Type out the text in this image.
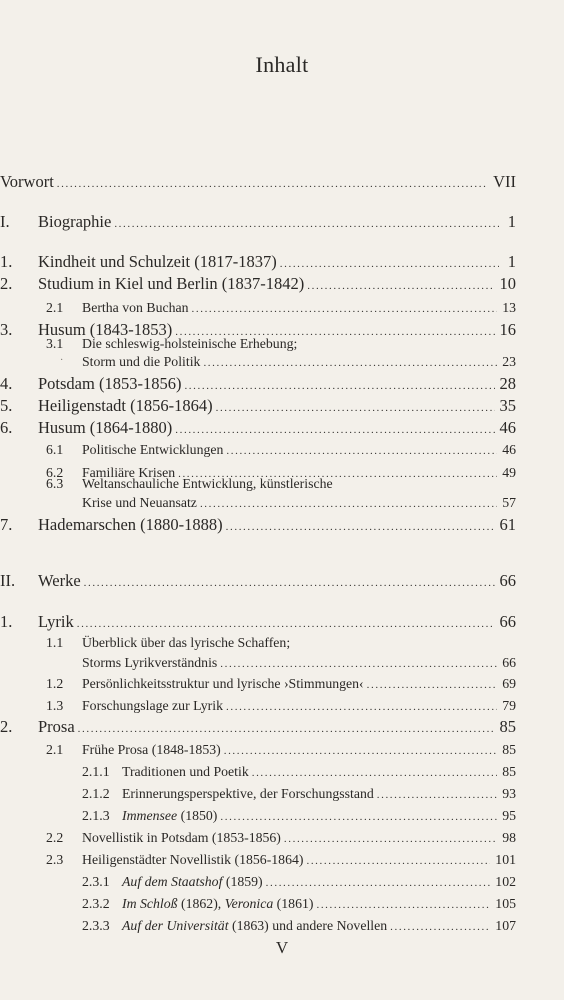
Inhalt
Vorwort .....	VII
I.	Biographie .....	1
1.	Kindheit und Schulzeit (1817-1837) .....	1
2.	Studium in Kiel und Berlin (1837-1842) .....	10
2.1	Bertha von Buchan .....	13
3.	Husum (1843-1853) .....	16
3.1 Die schleswig-holsteinische Erhebung;
· Storm und die Politik .....	23
4.	Potsdam (1853-1856) .....	28
5.	Heiligenstadt (1856-1864) .....	35
6.	Husum (1864-1880) .....	46
6.1	Politische Entwicklungen .....	46
6.2	Familiäre Krisen .....	49
6.3 Weltanschauliche Entwicklung, künstlerische
Krise und Neuansatz .....	57
7.	Hademarschen (1880-1888) .....	61
II.	Werke .....	66
1.	Lyrik .....	66
1.1 Überblick über das lyrische Schaffen;
Storms Lyrikverständnis .....	66
1.2	Persönlichkeitsstruktur und lyrische ›Stimmungen‹ .....	69
1.3	Forschungslage zur Lyrik .....	79
2.	Prosa .....	85
2.1	Frühe Prosa (1848-1853) .....	85
2.1.1 Traditionen und Poetik .....	85
2.1.2 Erinnerungsperspektive, der Forschungsstand .....	93
2.1.3 Immensee (1850) .....	95
2.2	Novellistik in Potsdam (1853-1856) .....	98
2.3	Heiligenstädter Novellistik (1856-1864) .....	101
2.3.1 Auf dem Staatshof (1859) .....	102
2.3.2 Im Schloß (1862), Veronica (1861) .....	105
2.3.3 Auf der Universität (1863) und andere Novellen .....	107
V
